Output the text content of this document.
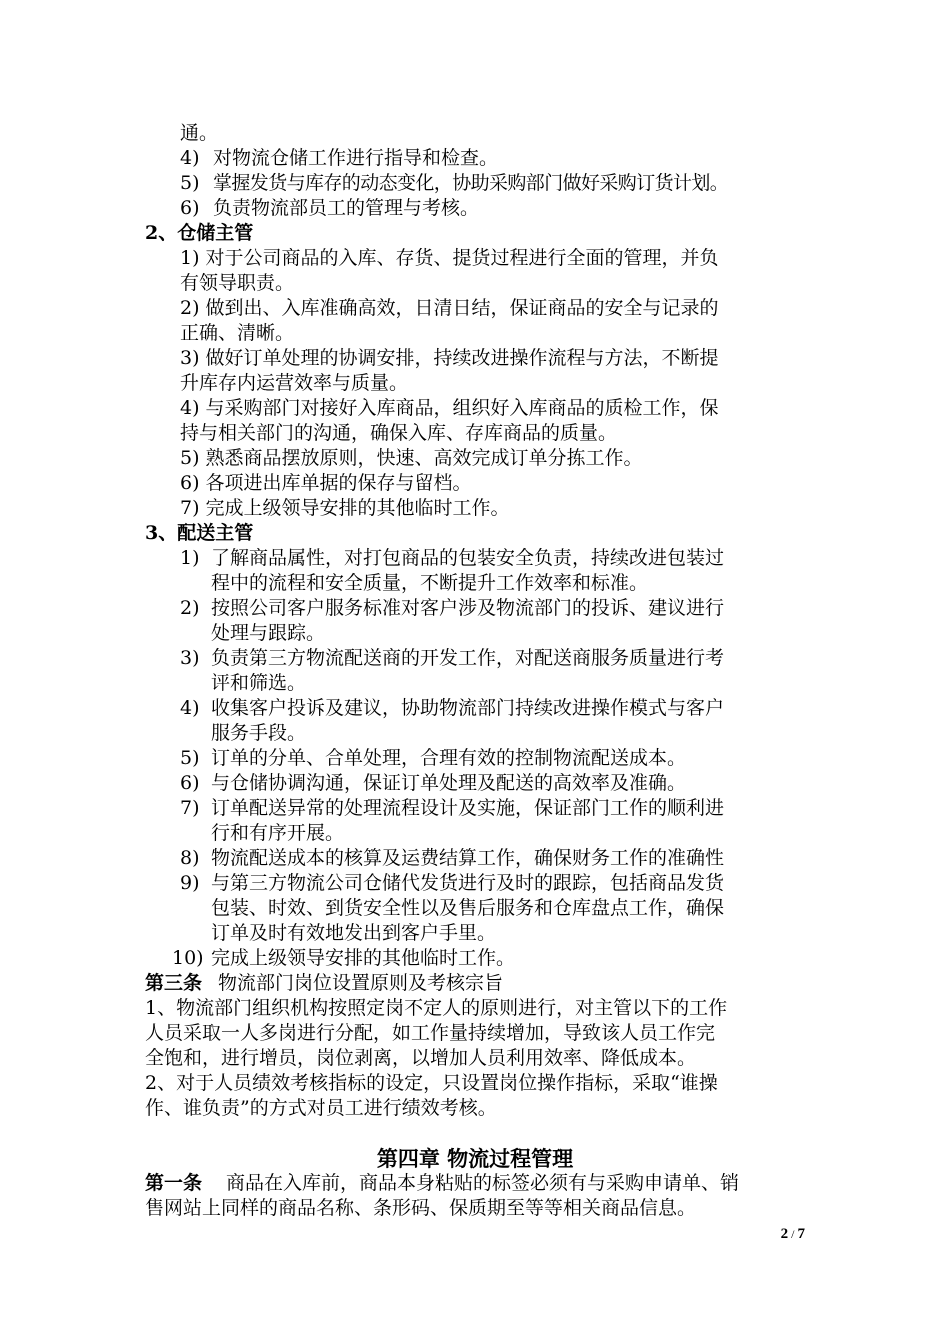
通。
4) 对物流仓储工作进行指导和检查。
5) 掌握发货与库存的动态变化，协助采购部门做好采购订货计划。
6) 负责物流部员工的管理与考核。
2、仓储主管
1) 对于公司商品的入库、存货、提货过程进行全面的管理，并负
有领导职责。
2) 做到出、入库准确高效，日清日结，保证商品的安全与记录的
正确、清晰。
3) 做好订单处理的协调安排，持续改进操作流程与方法，不断提
升库存内运营效率与质量。
4) 与采购部门对接好入库商品，组织好入库商品的质检工作，保
持与相关部门的沟通，确保入库、存库商品的质量。
5) 熟悉商品摆放原则，快速、高效完成订单分拣工作。
6) 各项进出库单据的保存与留档。
7) 完成上级领导安排的其他临时工作。
3、配送主管
1) 了解商品属性，对打包商品的包装安全负责，持续改进包装过
程中的流程和安全质量，不断提升工作效率和标准。
2) 按照公司客户服务标准对客户涉及物流部门的投诉、建议进行
处理与跟踪。
3) 负责第三方物流配送商的开发工作，对配送商服务质量进行考
评和筛选。
4) 收集客户投诉及建议，协助物流部门持续改进操作模式与客户
服务手段。
5) 订单的分单、合单处理，合理有效的控制物流配送成本。
6) 与仓储协调沟通，保证订单处理及配送的高效率及准确。
7) 订单配送异常的处理流程设计及实施，保证部门工作的顺利进
行和有序开展。
8) 物流配送成本的核算及运费结算工作，确保财务工作的准确性
9) 与第三方物流公司仓储代发货进行及时的跟踪，包括商品发货
包装、时效、到货安全性以及售后服务和仓库盘点工作，确保
订单及时有效地发出到客户手里。
10) 完成上级领导安排的其他临时工作。
第三条 物流部门岗位设置原则及考核宗旨
1、物流部门组织机构按照定岗不定人的原则进行，对主管以下的工作
人员采取一人多岗进行分配，如工作量持续增加，导致该人员工作完
全饱和，进行增员，岗位剥离，以增加人员利用效率、降低成本。
2、对于人员绩效考核指标的设定，只设置岗位操作指标，采取“谁操
作、谁负责”的方式对员工进行绩效考核。
第四章 物流过程管理
第一条 商品在入库前，商品本身粘贴的标签必须有与采购申请单、销
售网站上同样的商品名称、条形码、保质期至等等相关商品信息。
2 / 7
